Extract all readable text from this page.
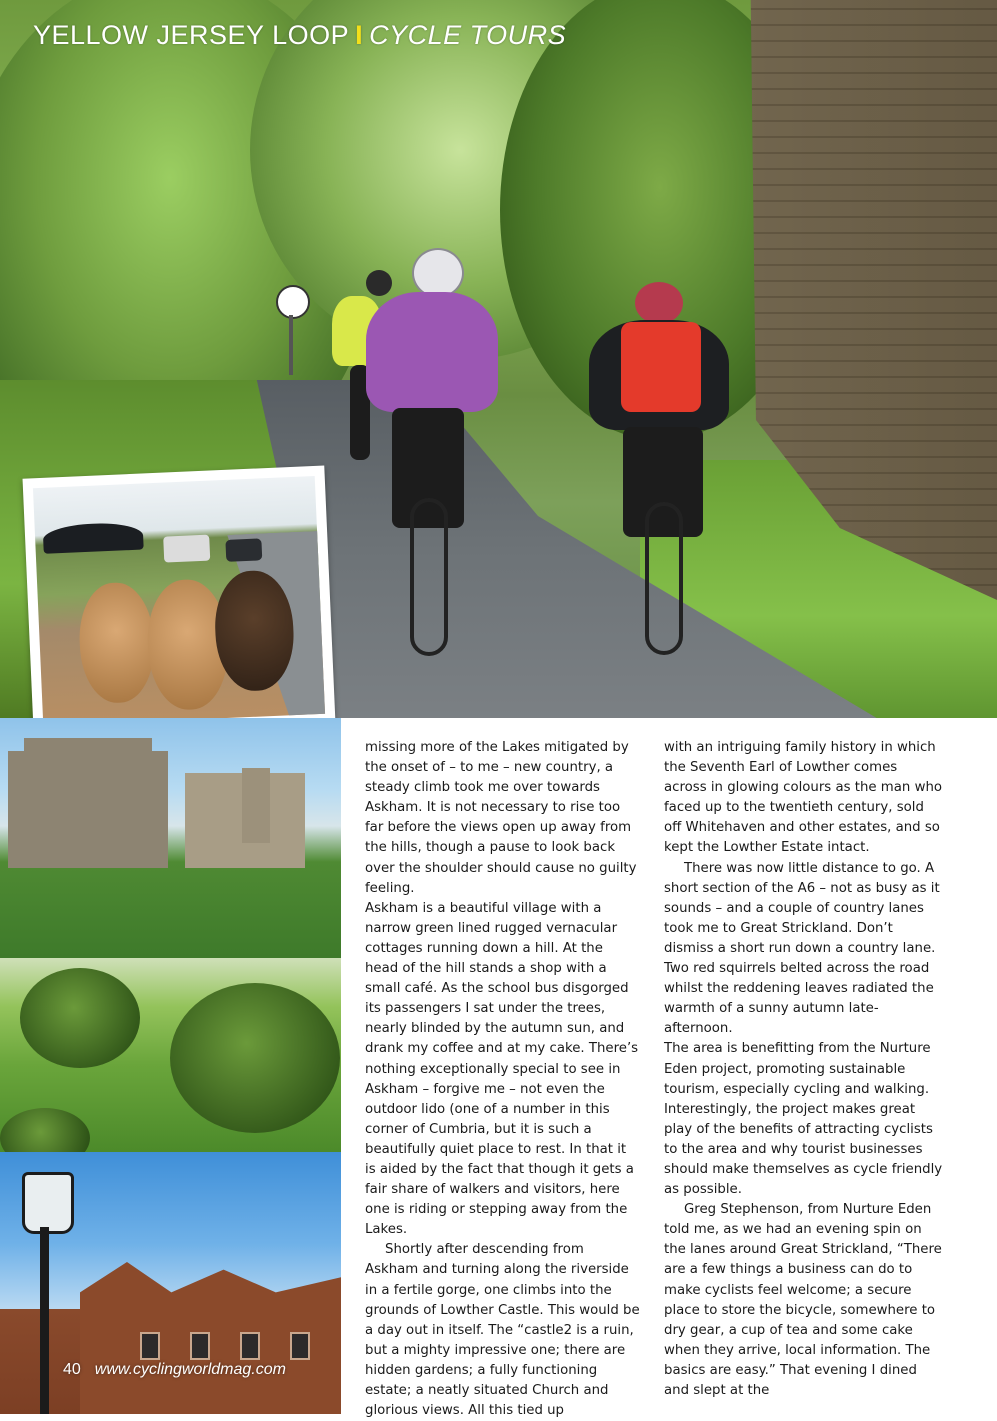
YELLOW JERSEY LOOP I CYCLE TOURS
40 www.cyclingworldmag.com

missing more of the Lakes mitigated by the onset of – to me – new country, a steady climb took me over towards Askham. It is not necessary to rise too far before the views open up away from the hills, though a pause to look back over the shoulder should cause no guilty feeling.

Askham is a beautiful village with a narrow green lined rugged vernacular cottages running down a hill. At the head of the hill stands a shop with a small café. As the school bus disgorged its passengers I sat under the trees, nearly blinded by the autumn sun, and drank my coffee and at my cake. There’s nothing exceptionally special to see in Askham – forgive me – not even the outdoor lido (one of a number in this corner of Cumbria, but it is such a beautifully quiet place to rest. In that it is aided by the fact that though it gets a fair share of walkers and visitors, here one is riding or stepping away from the Lakes.

Shortly after descending from Askham and turning along the riverside in a fertile gorge, one climbs into the grounds of Lowther Castle. This would be a day out in itself. The “castle2 is a ruin, but a mighty impressive one; there are hidden gardens; a fully functioning estate; a neatly situated Church and glorious views. All this tied up

with an intriguing family history in which the Seventh Earl of Lowther comes across in glowing colours as the man who faced up to the twentieth century, sold off Whitehaven and other estates, and so kept the Lowther Estate intact.

There was now little distance to go. A short section of the A6 – not as busy as it sounds – and a couple of country lanes took me to Great Strickland. Don’t dismiss a short run down a country lane. Two red squirrels belted across the road whilst the reddening leaves radiated the warmth of a sunny autumn late-afternoon.

The area is benefitting from the Nurture Eden project, promoting sustainable tourism, especially cycling and walking. Interestingly, the project makes great play of the benefits of attracting cyclists to the area and why tourist businesses should make themselves as cycle friendly as possible.

Greg Stephenson, from Nurture Eden told me, as we had an evening spin on the lanes around Great Strickland, “There are a few things a business can do to make cyclists feel welcome; a secure place to store the bicycle, somewhere to dry gear, a cup of tea and some cake when they arrive, local information. The basics are easy.” That evening I dined and slept at the
